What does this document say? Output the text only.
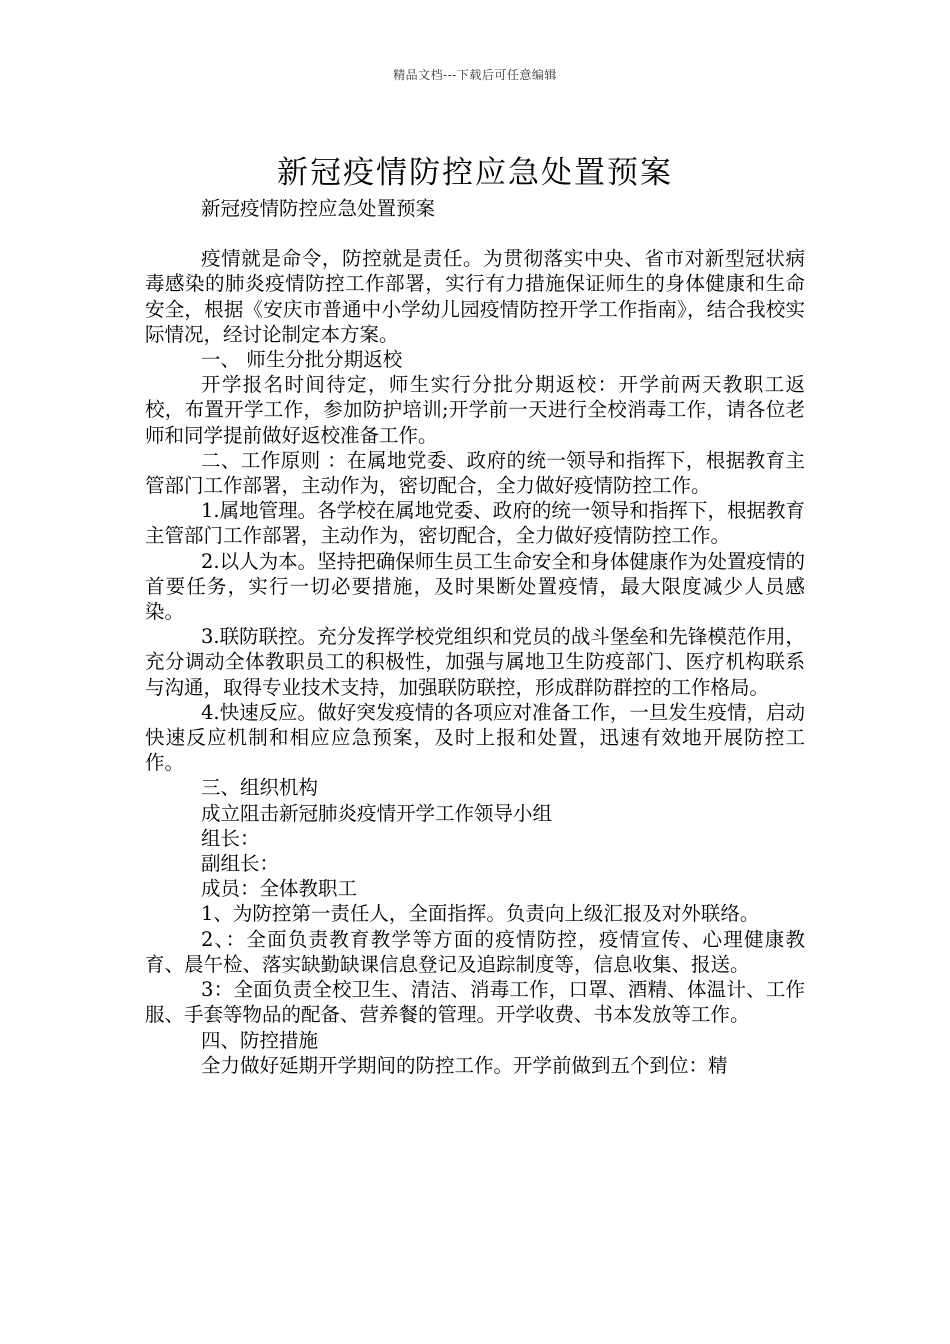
精品文档---下载后可任意编辑
新冠疫情防控应急处置预案

新冠疫情防控应急处置预案

疫情就是命令，防控就是责任。为贯彻落实中央、省市对新型冠状病毒感染的肺炎疫情防控工作部署，实行有力措施保证师生的身体健康和生命安全，根据《安庆市普通中小学幼儿园疫情防控开学工作指南》，结合我校实际情况，经讨论制定本方案。

一、 师生分批分期返校

开学报名时间待定，师生实行分批分期返校：开学前两天教职工返校，布置开学工作，参加防护培训;开学前一天进行全校消毒工作，请各位老师和同学提前做好返校准备工作。

二、工作原则 ：在属地党委、政府的统一领导和指挥下，根据教育主管部门工作部署，主动作为，密切配合，全力做好疫情防控工作。

1.属地管理。各学校在属地党委、政府的统一领导和指挥下，根据教育主管部门工作部署，主动作为，密切配合，全力做好疫情防控工作。

2.以人为本。坚持把确保师生员工生命安全和身体健康作为处置疫情的首要任务，实行一切必要措施，及时果断处置疫情，最大限度减少人员感染。

3.联防联控。充分发挥学校党组织和党员的战斗堡垒和先锋模范作用，充分调动全体教职员工的积极性，加强与属地卫生防疫部门、医疗机构联系与沟通，取得专业技术支持，加强联防联控，形成群防群控的工作格局。

4.快速反应。做好突发疫情的各项应对准备工作，一旦发生疫情，启动快速反应机制和相应应急预案，及时上报和处置，迅速有效地开展防控工作。

三、组织机构

成立阻击新冠肺炎疫情开学工作领导小组

组长：

副组长：

成员：全体教职工

1、为防控第一责任人，全面指挥。负责向上级汇报及对外联络。

2、：全面负责教育教学等方面的疫情防控，疫情宣传、心理健康教育、晨午检、落实缺勤缺课信息登记及追踪制度等，信息收集、报送。

3：全面负责全校卫生、清洁、消毒工作，口罩、酒精、体温计、工作服、手套等物品的配备、营养餐的管理。开学收费、书本发放等工作。

四、防控措施

全力做好延期开学期间的防控工作。开学前做到五个到位：精
